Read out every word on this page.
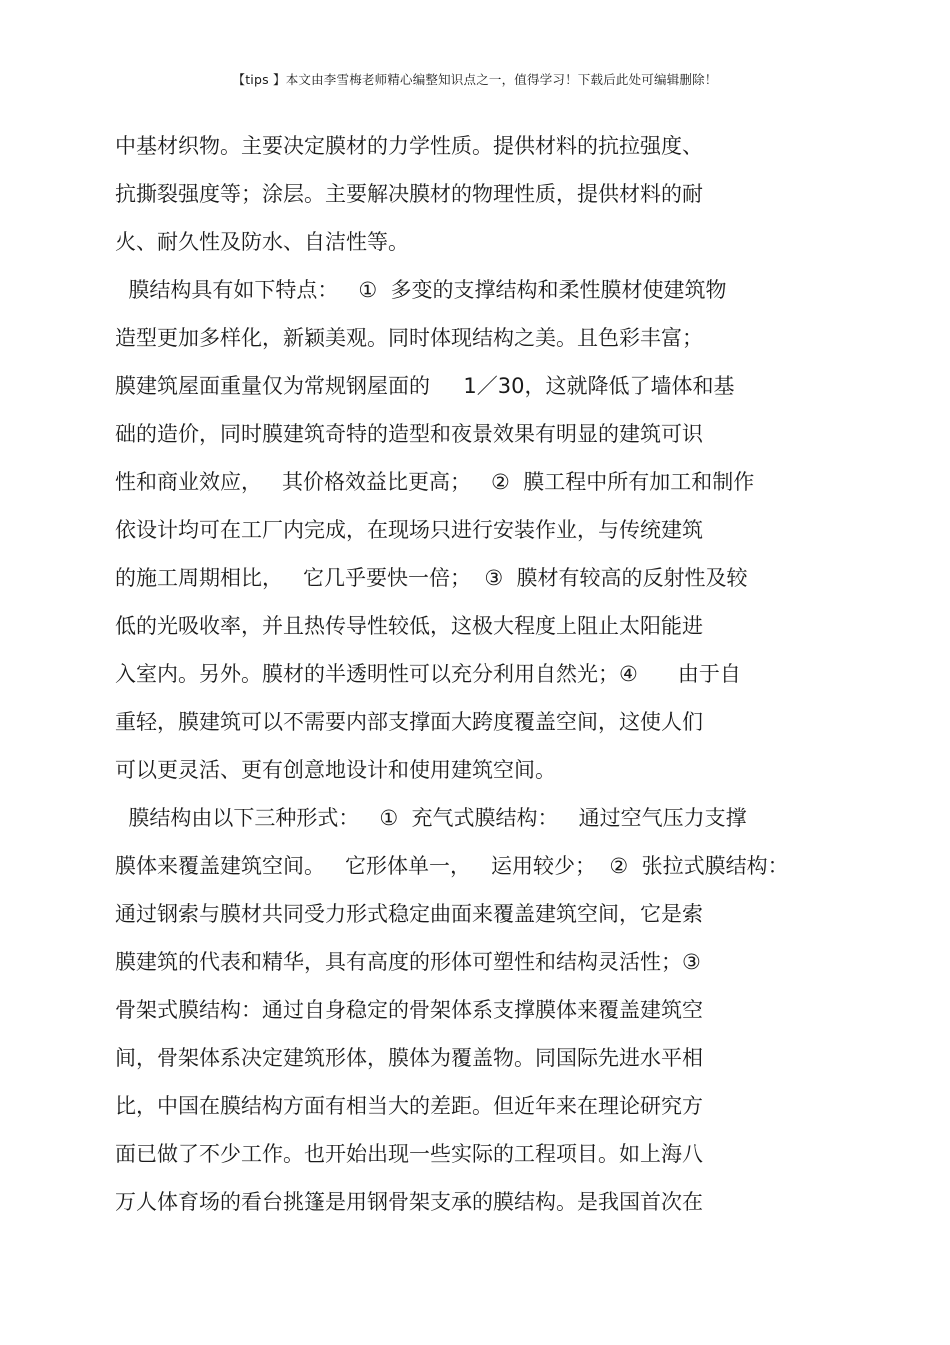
【tips 】本文由李雪梅老师精心编整知识点之一，值得学习！下载后此处可编辑删除！
中基材织物。主要决定膜材的力学性质。提供材料的抗拉强度、
抗撕裂强度等；涂层。主要解决膜材的物理性质，提供材料的耐
火、耐久性及防水、自洁性等。
膜结构具有如下特点：   ①  多变的支撑结构和柔性膜材使建筑物
造型更加多样化，新颖美观。同时体现结构之美。且色彩丰富；
膜建筑屋面重量仅为常规钢屋面的     1／30，这就降低了墙体和基
础的造价，同时膜建筑奇特的造型和夜景效果有明显的建筑可识
性和商业效应，   其价格效益比更高；   ②  膜工程中所有加工和制作
依设计均可在工厂内完成，在现场只进行安装作业，与传统建筑
的施工周期相比，   它几乎要快一倍；  ③  膜材有较高的反射性及较
低的光吸收率，并且热传导性较低，这极大程度上阻止太阳能进
入室内。另外。膜材的半透明性可以充分利用自然光；④      由于自
重轻，膜建筑可以不需要内部支撑面大跨度覆盖空间，这使人们
可以更灵活、更有创意地设计和使用建筑空间。
膜结构由以下三种形式：   ①  充气式膜结构：   通过空气压力支撑
膜体来覆盖建筑空间。   它形体单一，   运用较少；  ②  张拉式膜结构：
通过钢索与膜材共同受力形式稳定曲面来覆盖建筑空间，它是索
膜建筑的代表和精华，具有高度的形体可塑性和结构灵活性；③
骨架式膜结构：通过自身稳定的骨架体系支撑膜体来覆盖建筑空
间，骨架体系决定建筑形体，膜体为覆盖物。同国际先进水平相
比，中国在膜结构方面有相当大的差距。但近年来在理论研究方
面已做了不少工作。也开始出现一些实际的工程项目。如上海八
万人体育场的看台挑篷是用钢骨架支承的膜结构。是我国首次在
